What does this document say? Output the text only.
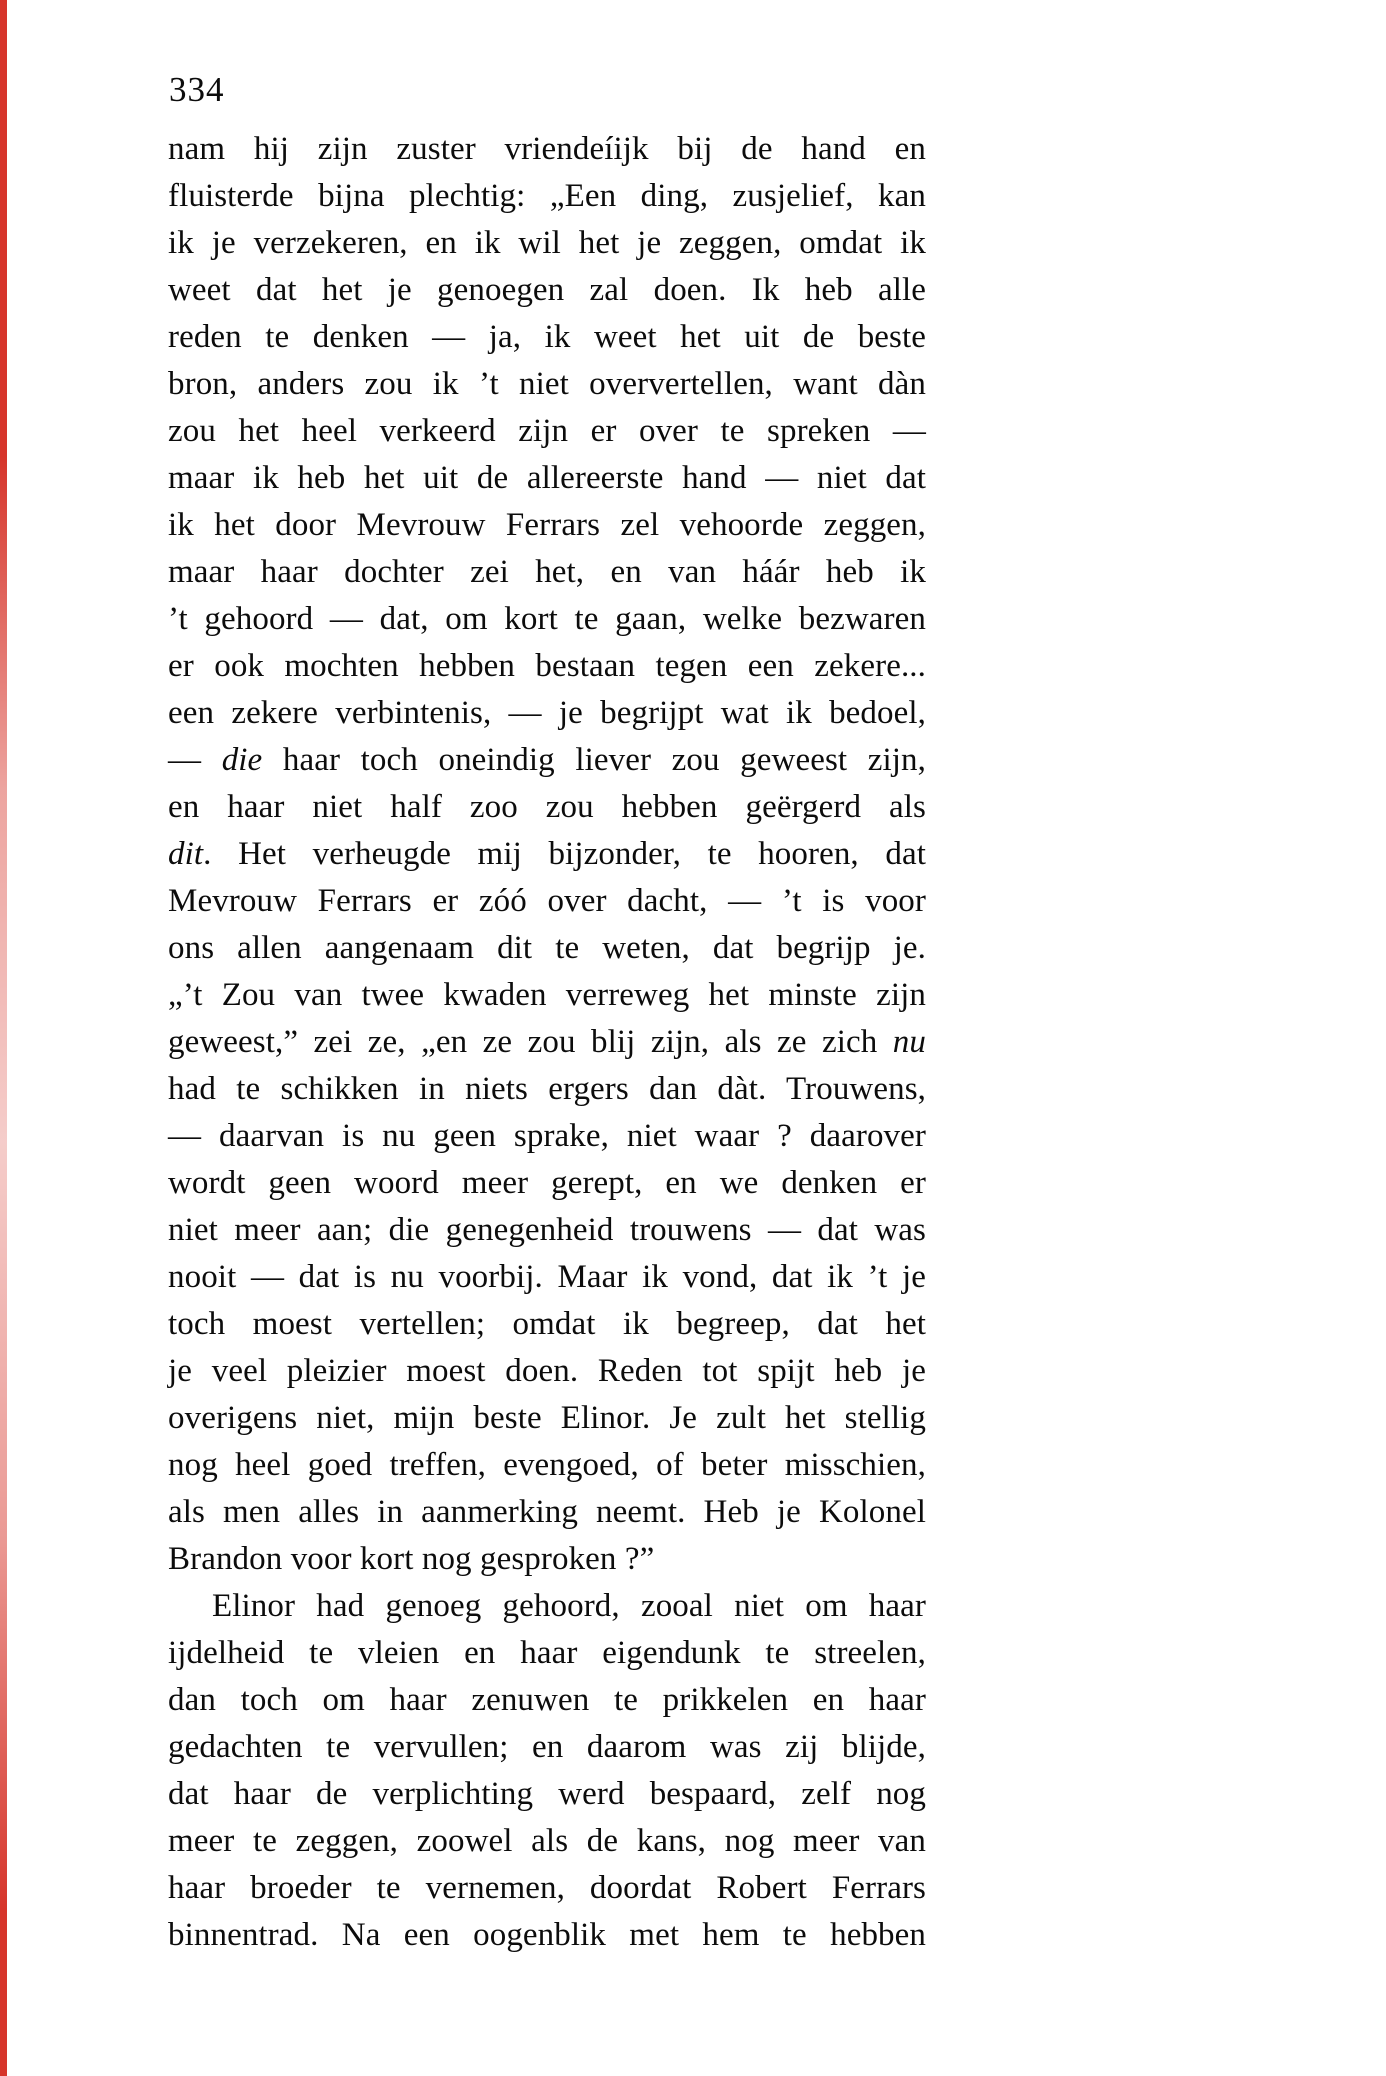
334
nam hij zijn zuster vriendeíijk bij de hand en
fluisterde bijna plechtig: „Een ding, zusjelief, kan
ik je verzekeren, en ik wil het je zeggen, omdat ik
weet dat het je genoegen zal doen. Ik heb alle
reden te denken — ja, ik weet het uit de beste
bron, anders zou ik ’t niet oververtellen, want dàn
zou het heel verkeerd zijn er over te spreken —
maar ik heb het uit de allereerste hand — niet dat
ik het door Mevrouw Ferrars zel vehoorde zeggen,
maar haar dochter zei het, en van háár heb ik
’t gehoord — dat, om kort te gaan, welke bezwaren
er ook mochten hebben bestaan tegen een zekere...
een zekere verbintenis, — je begrijpt wat ik bedoel,
— die haar toch oneindig liever zou geweest zijn,
en haar niet half zoo zou hebben geërgerd als
dit. Het verheugde mij bijzonder, te hooren, dat
Mevrouw Ferrars er zóó over dacht, — ’t is voor
ons allen aangenaam dit te weten, dat begrijp je.
„’t Zou van twee kwaden verreweg het minste zijn
geweest,” zei ze, „en ze zou blij zijn, als ze zich nu
had te schikken in niets ergers dan dàt. Trouwens,
— daarvan is nu geen sprake, niet waar ? daarover
wordt geen woord meer gerept, en we denken er
niet meer aan; die genegenheid trouwens — dat was
nooit — dat is nu voorbij. Maar ik vond, dat ik ’t je
toch moest vertellen; omdat ik begreep, dat het
je veel pleizier moest doen. Reden tot spijt heb je
overigens niet, mijn beste Elinor. Je zult het stellig
nog heel goed treffen, evengoed, of beter misschien,
als men alles in aanmerking neemt. Heb je Kolonel
Brandon voor kort nog gesproken ?”
Elinor had genoeg gehoord, zooal niet om haar
ijdelheid te vleien en haar eigendunk te streelen,
dan toch om haar zenuwen te prikkelen en haar
gedachten te vervullen; en daarom was zij blijde,
dat haar de verplichting werd bespaard, zelf nog
meer te zeggen, zoowel als de kans, nog meer van
haar broeder te vernemen, doordat Robert Ferrars
binnentrad. Na een oogenblik met hem te hebben
